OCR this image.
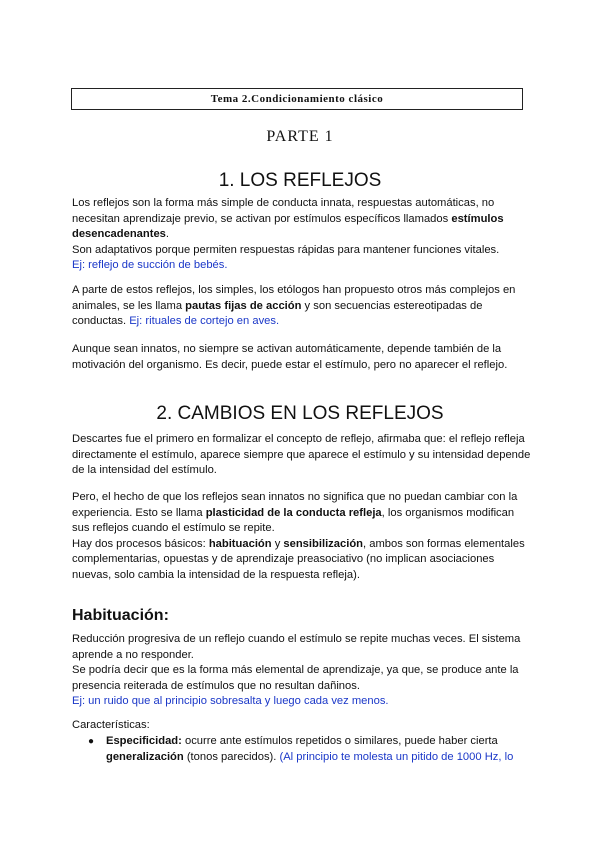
Tema 2.Condicionamiento clásico
PARTE 1
1. LOS REFLEJOS
Los reflejos son la forma más simple de conducta innata, respuestas automáticas, no
necesitan aprendizaje previo, se activan por estímulos específicos llamados estímulos
desencadenantes.
Son adaptativos porque permiten respuestas rápidas para mantener funciones vitales.
Ej: reflejo de succión de bebés.
A parte de estos reflejos, los simples, los etólogos han propuesto otros más complejos en
animales, se les llama pautas fijas de acción y son secuencias estereotipadas de
conductas. Ej: rituales de cortejo en aves.
Aunque sean innatos, no siempre se activan automáticamente, depende también de la
motivación del organismo. Es decir, puede estar el estímulo, pero no aparecer el reflejo.
2. CAMBIOS EN LOS REFLEJOS
Descartes fue el primero en formalizar el concepto de reflejo, afirmaba que: el reflejo refleja
directamente el estímulo, aparece siempre que aparece el estímulo y su intensidad depende
de la intensidad del estímulo.
Pero, el hecho de que los reflejos sean innatos no significa que no puedan cambiar con la
experiencia. Esto se llama plasticidad de la conducta refleja, los organismos modifican
sus reflejos cuando el estímulo se repite.
Hay dos procesos básicos: habituación y sensibilización, ambos son formas elementales
complementarias, opuestas y de aprendizaje preasociativo (no implican asociaciones
nuevas, solo cambia la intensidad de la respuesta refleja).
Habituación:
Reducción progresiva de un reflejo cuando el estímulo se repite muchas veces. El sistema
aprende a no responder.
Se podría decir que es la forma más elemental de aprendizaje, ya que, se produce ante la
presencia reiterada de estímulos que no resultan dañinos.
Ej: un ruido que al principio sobresalta y luego cada vez menos.
Características:
● Especificidad: ocurre ante estímulos repetidos o similares, puede haber cierta
generalización (tonos parecidos). (Al principio te molesta un pitido de 1000 Hz, lo
